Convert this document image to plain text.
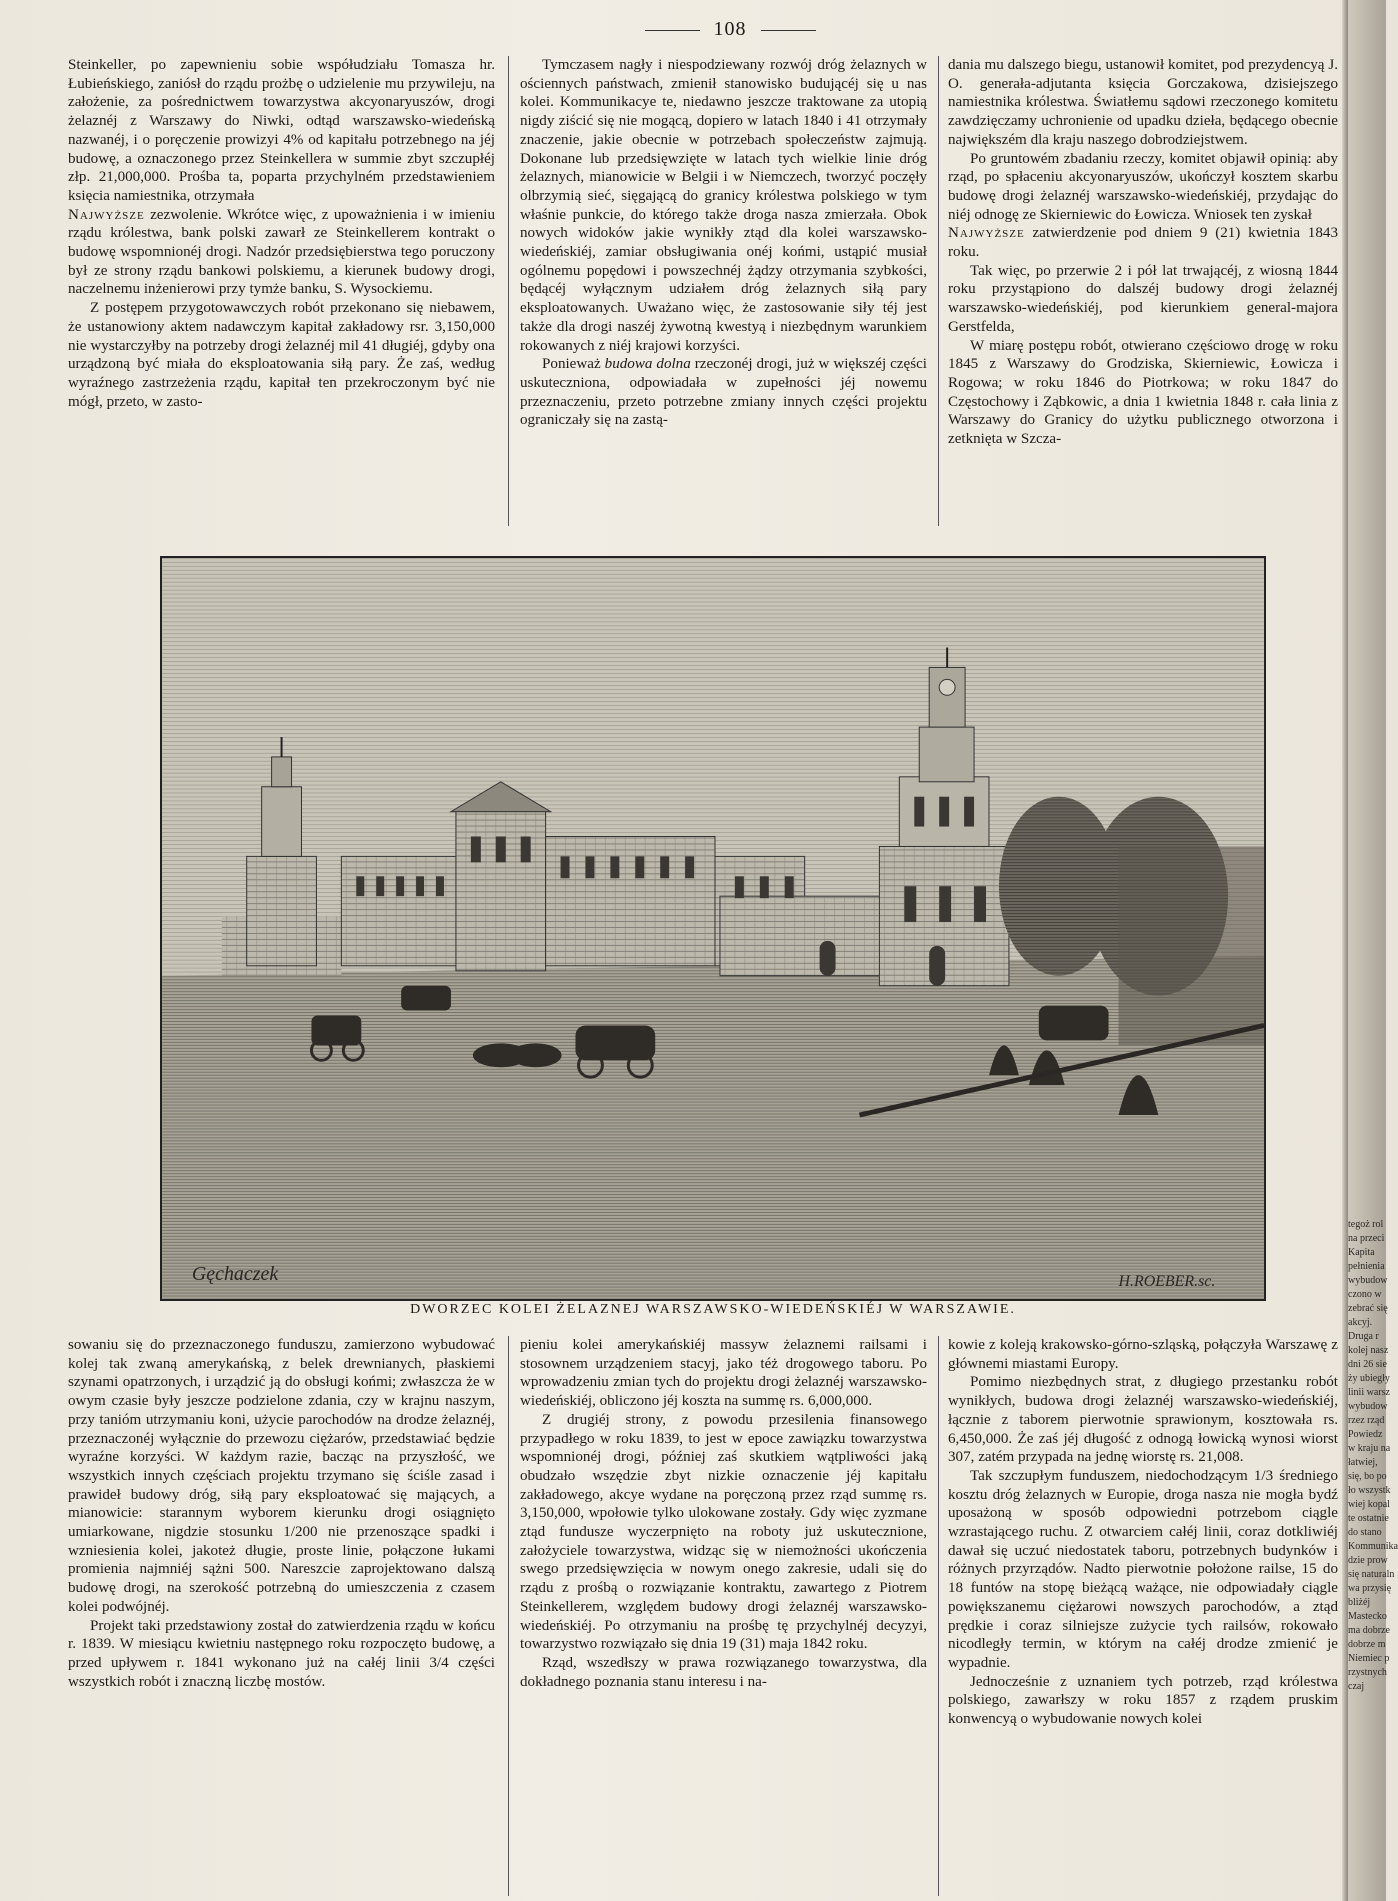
108

Steinkeller, po zapewnieniu sobie współudziału Tomasza hr. Łubieńskiego, zaniósł do rządu prożbę o udzielenie mu przywileju, na założenie, za pośrednictwem towarzystwa akcyonaryuszów, drogi żelaznéj z Warszawy do Niwki, odtąd warszawsko-wiedeńską nazwanéj, i o poręczenie prowizyi 4% od kapitału potrzebnego na jéj budowę, a oznaczonego przez Steinkellera w summie zbyt szczupłéj złp. 21,000,000. Prośba ta, poparta przychylném przedstawieniem księcia namiestnika, otrzymała

Najwyższe zezwolenie. Wkrótce więc, z upoważnienia i w imieniu rządu królestwa, bank polski zawarł ze Steinkellerem kontrakt o budowę wspomnionéj drogi. Nadzór przedsiębierstwa tego poruczony był ze strony rządu bankowi polskiemu, a kierunek budowy drogi, naczelnemu inżenierowi przy tymże banku, S. Wysockiemu.

Z postępem przygotowawczych robót przekonano się niebawem, że ustanowiony aktem nadawczym kapitał zakładowy rsr. 3,150,000 nie wystarczyłby na potrzeby drogi żelaznéj mil 41 długiéj, gdyby ona urządzoną być miała do eksploatowania siłą pary. Że zaś, według wyraźnego zastrzeżenia rządu, kapitał ten przekroczonym być nie mógł, przeto, w zasto-

Tymczasem nagły i niespodziewany rozwój dróg żelaznych w ościennych państwach, zmienił stanowisko budującéj się u nas kolei. Kommunikacye te, niedawno jeszcze traktowane za utopią nigdy ziścić się nie mogącą, dopiero w latach 1840 i 41 otrzymały znaczenie, jakie obecnie w potrzebach społeczeństw zajmują. Dokonane lub przedsięwzięte w latach tych wielkie linie dróg żelaznych, mianowicie w Belgii i w Niemczech, tworzyć poczęły olbrzymią sieć, sięgającą do granicy królestwa polskiego w tym właśnie punkcie, do którego także droga nasza zmierzała. Obok nowych widoków jakie wynikły ztąd dla kolei warszawsko-wiedeńskiéj, zamiar obsługiwania onéj końmi, ustąpić musiał ogólnemu popędowi i powszechnéj żądzy otrzymania szybkości, będącéj wyłącznym udziałem dróg żelaznych siłą pary eksploatowanych. Uważano więc, że zastosowanie siły téj jest także dla drogi naszéj żywotną kwestyą i niezbędnym warunkiem rokowanych z niéj krajowi korzyści.

Ponieważ budowa dolna rzeczonéj drogi, już w większéj części uskuteczniona, odpowiadała w zupełności jéj nowemu przeznaczeniu, przeto potrzebne zmiany innych części projektu ograniczały się na zastą-

dania mu dalszego biegu, ustanowił komitet, pod prezydencyą J. O. generała-adjutanta księcia Gorczakowa, dzisiejszego namiestnika królestwa. Światłemu sądowi rzeczonego komitetu zawdzięczamy uchronienie od upadku dzieła, będącego obecnie największém dla kraju naszego dobrodziejstwem.

Po gruntowém zbadaniu rzeczy, komitet objawił opinią: aby rząd, po spłaceniu akcyonaryuszów, ukończył kosztem skarbu budowę drogi żelaznéj warszawsko-wiedeńskiéj, przydając do niéj odnogę ze Skierniewic do Łowicza. Wniosek ten zyskał

Najwyższe zatwierdzenie pod dniem 9 (21) kwietnia 1843 roku.

Tak więc, po przerwie 2 i pół lat trwającéj, z wiosną 1844 roku przystąpiono do dalszéj budowy drogi żelaznéj warszawsko-wiedeńskiéj, pod kierunkiem general-majora Gerstfelda,

W miarę postępu robót, otwierano częściowo drogę w roku 1845 z Warszawy do Grodziska, Skierniewic, Łowicza i Rogowa; w roku 1846 do Piotrkowa; w roku 1847 do Częstochowy i Ząbkowic, a dnia 1 kwietnia 1848 r. cała linia z Warszawy do Granicy do użytku publicznego otworzona i zetknięta w Szcza-

Gęchaczek	H.ROEBER.sc.
DWORZEC KOLEI ŻELAZNEJ WARSZAWSKO-WIEDEŃSKIÉJ W WARSZAWIE.

sowaniu się do przeznaczonego funduszu, zamierzono wybudować kolej tak zwaną amerykańską, z belek drewnianych, płaskiemi szynami opatrzonych, i urządzić ją do obsługi końmi; zwłaszcza że w owym czasie były jeszcze podzielone zdania, czy w krajnu naszym, przy tanióm utrzymaniu koni, użycie parochodów na drodze żelaznéj, przeznaczonéj wyłącznie do przewozu ciężarów, przedstawiać będzie wyraźne korzyści. W każdym razie, bacząc na przyszłość, we wszystkich innych częściach projektu trzymano się ściśle zasad i prawideł budowy dróg, siłą pary eksploatować się mających, a mianowicie: starannym wyborem kierunku drogi osiągnięto umiarkowane, nigdzie stosunku 1/200 nie przenoszące spadki i wzniesienia kolei, jakoteż długie, proste linie, połączone łukami promienia najmniéj sążni 500. Nareszcie zaprojektowano dalszą budowę drogi, na szerokość potrzebną do umieszczenia z czasem kolei podwójnéj.

Projekt taki przedstawiony został do zatwierdzenia rządu w końcu r. 1839. W miesiącu kwietniu następnego roku rozpoczęto budowę, a przed upływem r. 1841 wykonano już na całéj linii 3/4 części wszystkich robót i znaczną liczbę mostów.

pieniu kolei amerykańskiéj massyw żelaznemi railsami i stosownem urządzeniem stacyj, jako téż drogowego taboru. Po wprowadzeniu zmian tych do projektu drogi żelaznéj warszawsko-wiedeńskiéj, obliczono jéj koszta na summę rs. 6,000,000.

Z drugiéj strony, z powodu przesilenia finansowego przypadłego w roku 1839, to jest w epoce zawiązku towarzystwa wspomnionéj drogi, później zaś skutkiem wątpliwości jaką obudzało wszędzie zbyt nizkie oznaczenie jéj kapitału zakładowego, akcye wydane na poręczoną przez rząd summę rs. 3,150,000, wpołowie tylko ulokowane zostały. Gdy więc zyzmane ztąd fundusze wyczerpnięto na roboty już uskutecznione, założyciele towarzystwa, widząc się w niemożności ukończenia swego przedsięwzięcia w nowym onego zakresie, udali się do rządu z prośbą o rozwiązanie kontraktu, zawartego z Piotrem Steinkellerem, względem budowy drogi żelaznéj warszawsko-wiedeńskiéj. Po otrzymaniu na prośbę tę przychylnéj decyzyi, towarzystwo rozwiązało się dnia 19 (31) maja 1842 roku.

Rząd, wszedłszy w prawa rozwiązanego towarzystwa, dla dokładnego poznania stanu interesu i na-

kowie z koleją krakowsko-górno-szląską, połączyła Warszawę z głównemi miastami Europy.

Pomimo niezbędnych strat, z długiego przestanku robót wynikłych, budowa drogi żelaznéj warszawsko-wiedeńskiéj, łącznie z taborem pierwotnie sprawionym, kosztowała rs. 6,450,000. Że zaś jéj długość z odnogą łowicką wynosi wiorst 307, zatém przypada na jednę wiorstę rs. 21,008.

Tak szczupłym funduszem, niedochodzącym 1/3 średniego kosztu dróg żelaznych w Europie, droga nasza nie mogła bydź uposażoną w sposób odpowiedni potrzebom ciągle wzrastającego ruchu. Z otwarciem całéj linii, coraz dotkliwiéj dawał się uczuć niedostatek taboru, potrzebnych budynków i różnych przyrządów. Nadto pierwotnie położone railse, 15 do 18 funtów na stopę bieżącą ważące, nie odpowiadały ciągle powiększanemu ciężarowi nowszych parochodów, a ztąd prędkie i coraz silniejsze zużycie tych railsów, rokowało nicodległy termin, w którym na całéj drodze zmienić je wypadnie.

Jednocześnie z uznaniem tych potrzeb, rząd królestwa polskiego, zawarłszy w roku 1857 z rządem pruskim konwencyą o wybudowanie nowych kolei

tegoż rol
na przeci
Kapita
pełnienia
wybudow
czono w
zebrać się
akcyj.
Druga r
kolej nasz
dni 26 sie
ży ubiegły
linii warsz
wybudow
rzez rząd
Powiedz
w kraju na
łatwiej,
się, bo po
ło wszystk
wiej kopal
te ostatnie
do stano
Kommunika
dzie prow
się naturaln
wa przysię
bliżéj
Mastecko
ma dobrze
dobrze m
Niemiec p
rzystnych
czaj
